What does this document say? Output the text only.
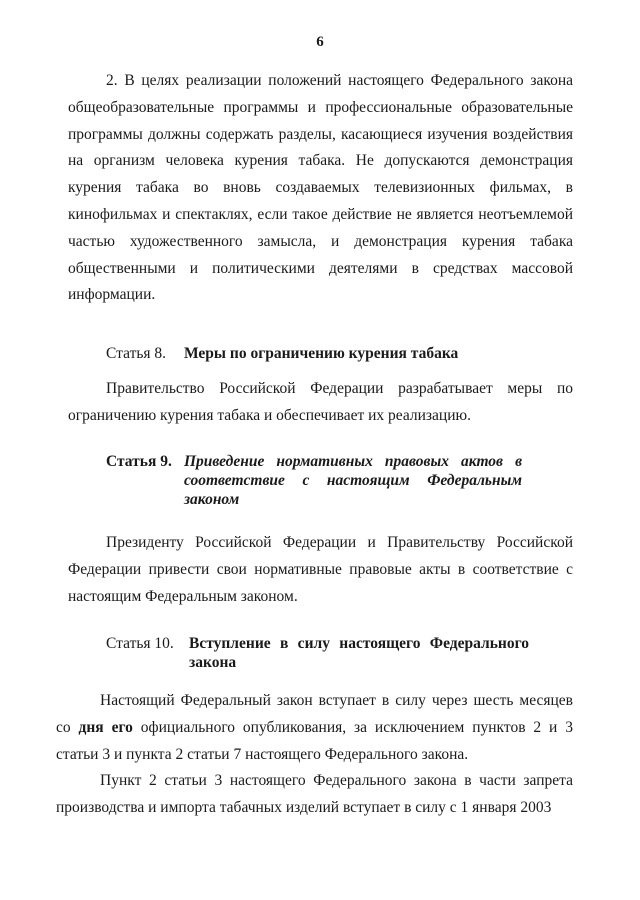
6
2. В целях реализации положений настоящего Федерального закона общеобразовательные программы и профессиональные образовательные программы должны содержать разделы, касающиеся изучения воздействия на организм человека курения табака. Не допускаются демонстрация курения табака во вновь создаваемых телевизионных фильмах, в кинофильмах и спектаклях, если такое действие не является неотъемлемой частью художественного замысла, и демонстрация курения табака общественными и политическими деятелями в средствах массовой информации.
Статья 8. Меры по ограничению курения табака
Правительство Российской Федерации разрабатывает меры по ограничению курения табака и обеспечивает их реализацию.
Статья 9. Приведение нормативных правовых актов в соответствие с настоящим Федеральным законом
Президенту Российской Федерации и Правительству Российской Федерации привести свои нормативные правовые акты в соответствие с настоящим Федеральным законом.
Статья 10. Вступление в силу настоящего Федерального закона
Настоящий Федеральный закон вступает в силу через шесть месяцев со дня его официального опубликования, за исключением пунктов 2 и 3 статьи 3 и пункта 2 статьи 7 настоящего Федерального закона.
Пункт 2 статьи 3 настоящего Федерального закона в части запрета производства и импорта табачных изделий вступает в силу с 1 января 2003
